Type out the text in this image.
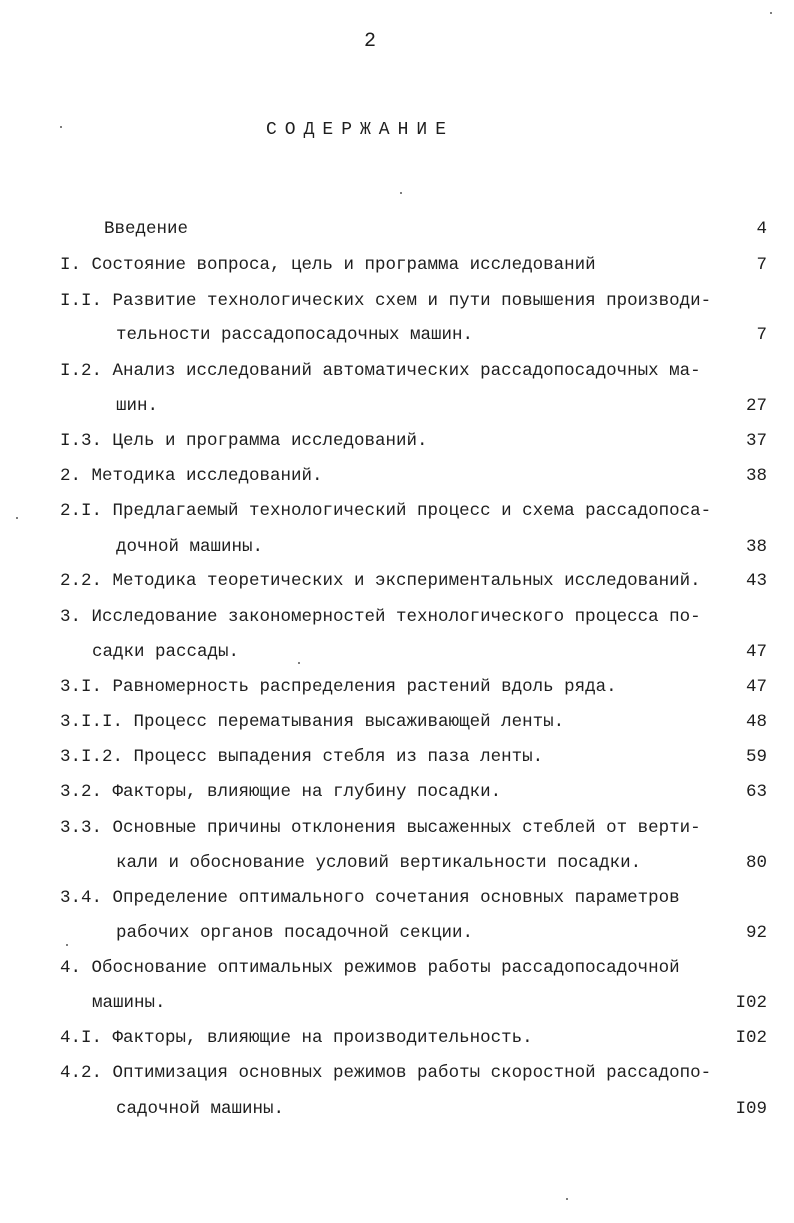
2
СОДЕРЖАНИЕ
Введение	4
I. Состояние вопроса, цель и программа исследований	7
I.I. Развитие технологических схем и пути повышения производи-
тельности рассадопосадочных машин.	7
I.2. Анализ исследований автоматических рассадопосадочных ма-
шин.	27
I.3. Цель и программа исследований.	37
2. Методика исследований.	38
2.I. Предлагаемый технологический процесс и схема рассадопоса-
дочной машины.	38
2.2. Методика теоретических и экспериментальных исследований.	43
3. Исследование закономерностей технологического процесса по-
садки рассады.	47
3.I. Равномерность распределения растений вдоль ряда.	47
3.I.I. Процесс перематывания высаживающей ленты.	48
3.I.2. Процесс выпадения стебля из паза ленты.	59
3.2. Факторы, влияющие на глубину посадки.	63
3.3. Основные причины отклонения высаженных стеблей от верти-
кали и обоснование условий вертикальности посадки.	80
3.4. Определение оптимального сочетания основных параметров
рабочих органов посадочной секции.	92
4. Обоснование оптимальных режимов работы рассадопосадочной
машины.	I02
4.I. Факторы, влияющие на производительность.	I02
4.2. Оптимизация основных режимов работы скоростной рассадопо-
садочной машины.	I09
